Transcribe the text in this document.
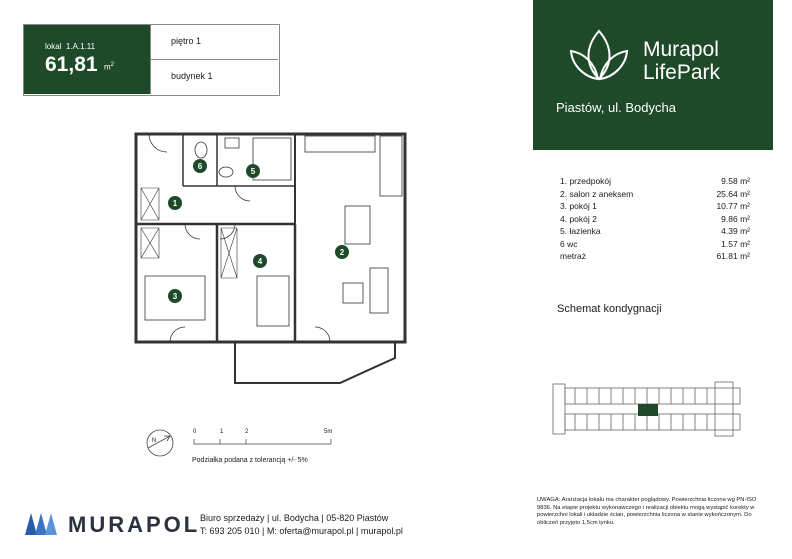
lokal 1.A.1.11
61,81 $m^2$
piętro 1
budynek 1
Murapol
LifePark
Piastów, ul. Bodycha
1. przedpokój	9.58 m²
2. salon z aneksem	25.64 m²
3. pokój 1	10.77 m²
4. pokój 2	9.86 m²
5. łazienka	4.39 m²
6 wc	1.57 m²
metraż	61.81 m²
Schemat kondygnacji
1
2
3
4
5
6
N
0	1	2	5m
Podziałka podana z tolerancją +/- 5%
MURAPOL Biuro sprzedaży | ul. Bodycha | 05-820 Piastów
T: 693 205 010 | M: oferta@murapol.pl | murapol.pl
UWAGA: Aranżacja lokalu ma charakter poglądowy. Powierzchnia liczona wg PN-ISO 9836. Na etapie projektu wykonawczego i realizacji obiektu mogą wystąpić korekty w powierzchni lokali i układzie ścian, powierzchnia liczona w stanie wykończonym. Do obliczeń przyjęto 1,5cm tynku.
